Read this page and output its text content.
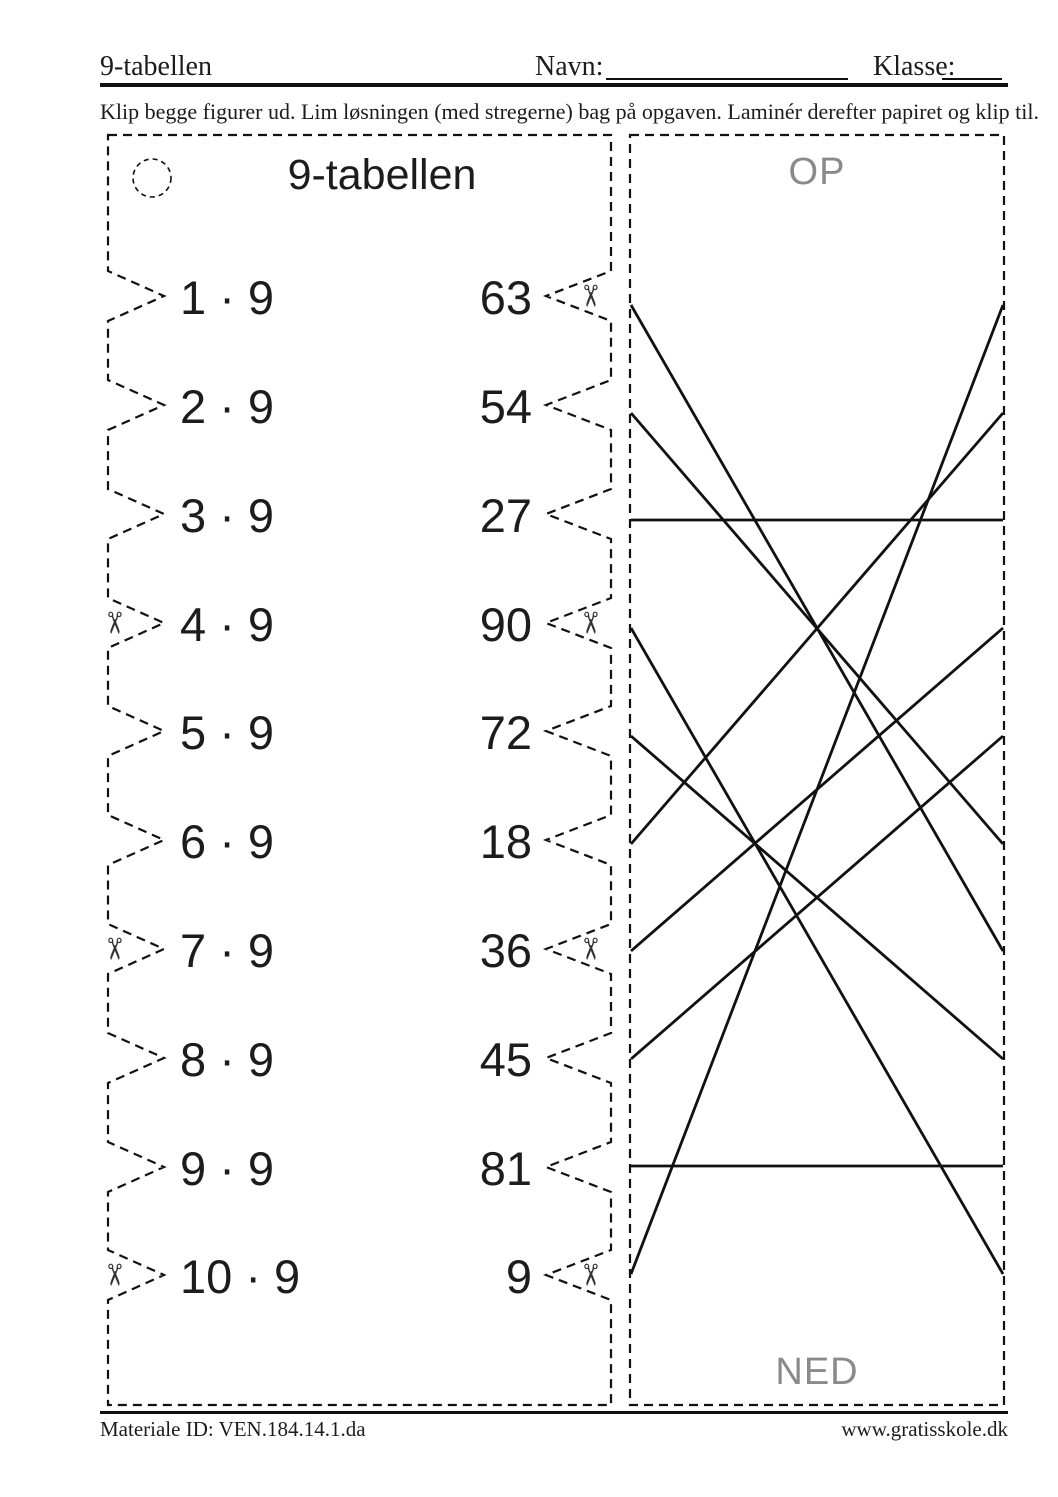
9-tabellen	Navn:	Klasse:
Klip begge figurer ud. Lim løsningen (med stregerne) bag på opgaven. Laminér derefter papiret og klip til.
9-tabellen
1 · 9	63
2 · 9	54
3 · 9	27
4 · 9	90
5 · 9	72
6 · 9	18
7 · 9	36
8 · 9	45
9 · 9	81
10 · 9	9
✂
✂
✂
✂
✂
✂
✂
OP
NED
Materiale ID: VEN.184.14.1.da	www.gratisskole.dk
